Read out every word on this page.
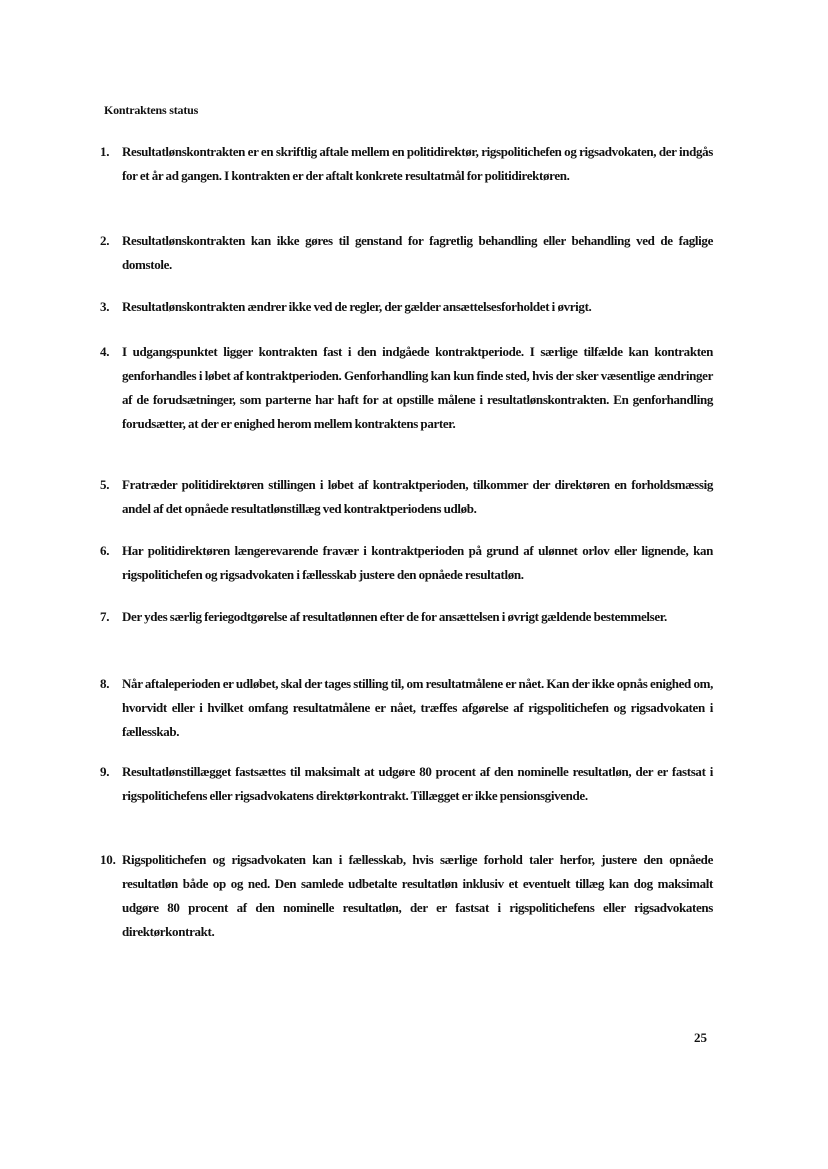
Kontraktens status
1. Resultatlønskontrakten er en skriftlig aftale mellem en politidirektør, rigspolitichefen og rigsadvokaten, der indgås for et år ad gangen. I kontrakten er der aftalt konkrete resultatmål for politidirektøren.

2. Resultatlønskontrakten kan ikke gøres til genstand for fagretlig behandling eller behandling ved de faglige domstole.

3. Resultatlønskontrakten ændrer ikke ved de regler, der gælder ansættelsesforholdet i øvrigt.

4. I udgangspunktet ligger kontrakten fast i den indgåede kontraktperiode. I særlige tilfælde kan kontrakten genforhandles i løbet af kontraktperioden. Genforhandling kan kun finde sted, hvis der sker væsentlige ændringer af de forudsætninger, som parterne har haft for at opstille målene i resultatlønskontrakten. En genforhandling forudsætter, at der er enighed herom mellem kontraktens parter.

5. Fratræder politidirektøren stillingen i løbet af kontraktperioden, tilkommer der direktøren en forholdsmæssig andel af det opnåede resultatlønstillæg ved kontraktperiodens udløb.

6. Har politidirektøren længerevarende fravær i kontraktperioden på grund af ulønnet orlov eller lignende, kan rigspolitichefen og rigsadvokaten i fællesskab justere den opnåede resultatløn.

7. Der ydes særlig feriegodtgørelse af resultatlønnen efter de for ansættelsen i øvrigt gældende bestemmelser.

8. Når aftaleperioden er udløbet, skal der tages stilling til, om resultatmålene er nået. Kan der ikke opnås enighed om, hvorvidt eller i hvilket omfang resultatmålene er nået, træffes afgørelse af rigspolitichefen og rigsadvokaten i fællesskab.

9. Resultatlønstillægget fastsættes til maksimalt at udgøre 80 procent af den nominelle resultatløn, der er fastsat i rigspolitichefens eller rigsadvokatens direktørkontrakt. Tillægget er ikke pensionsgivende.

10. Rigspolitichefen og rigsadvokaten kan i fællesskab, hvis særlige forhold taler herfor, justere den opnåede resultatløn både op og ned. Den samlede udbetalte resultatløn inklusiv et eventuelt tillæg kan dog maksimalt udgøre 80 procent af den nominelle resultatløn, der er fastsat i rigspolitichefens eller rigsadvokatens direktørkontrakt.

25
